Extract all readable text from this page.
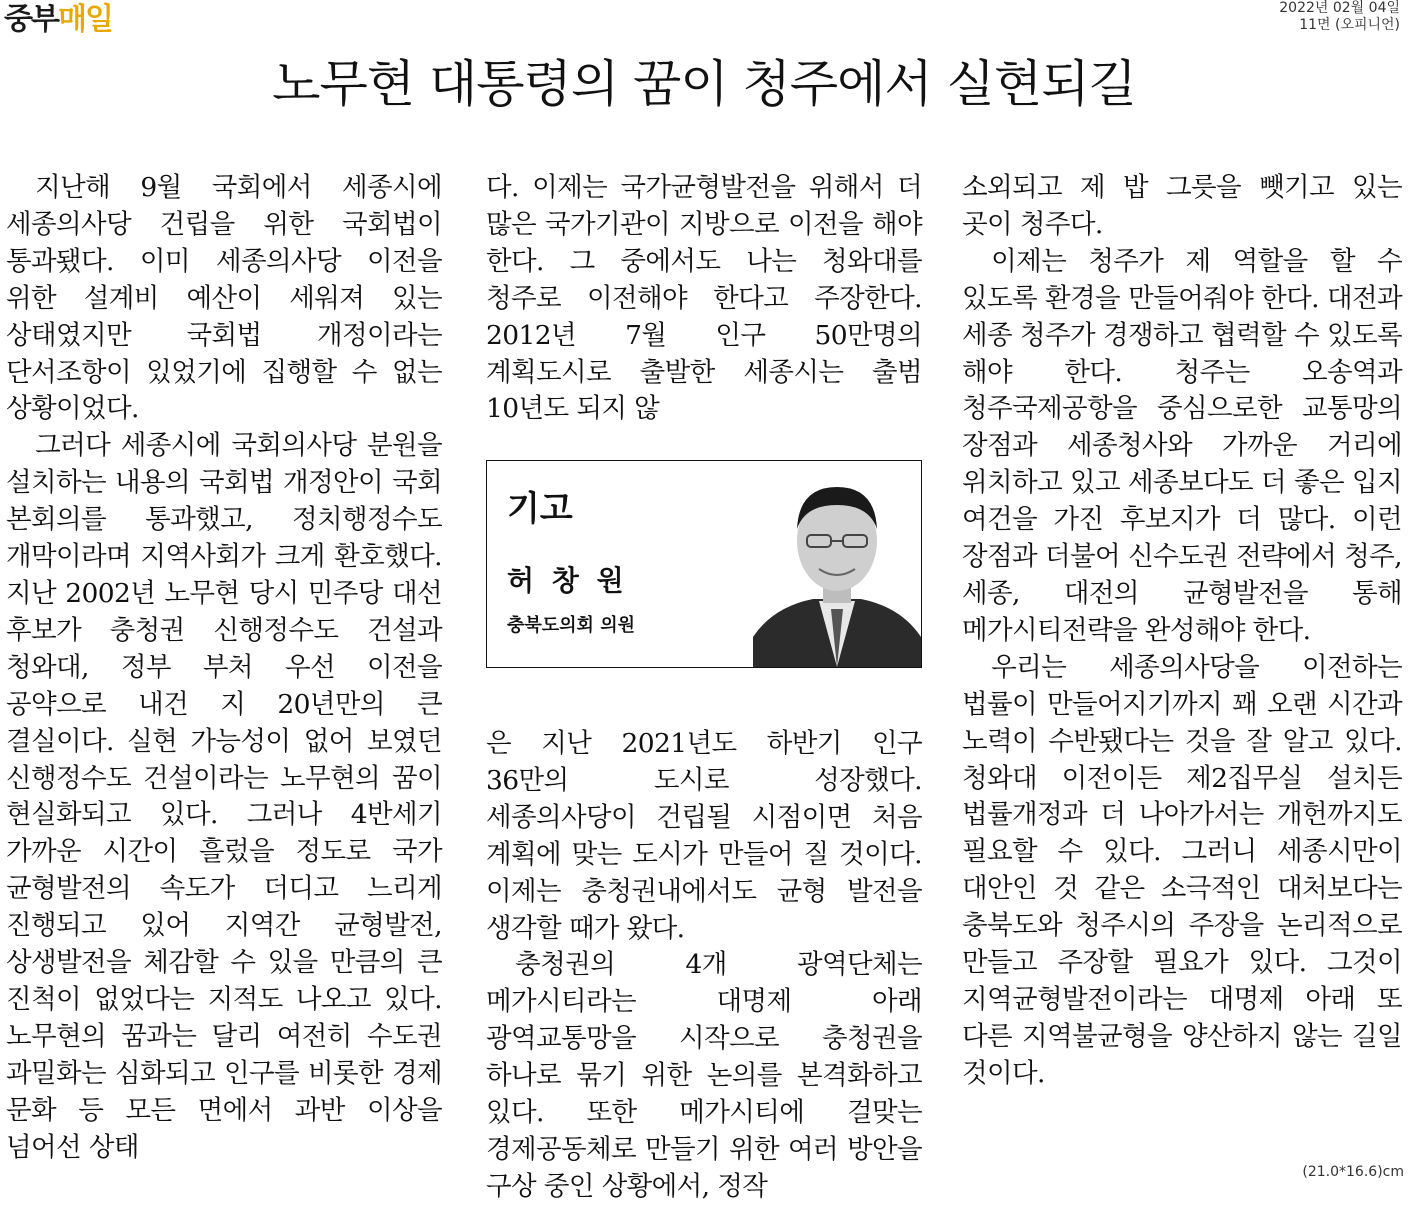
중부매일	2022년 02월 04일
11면 (오피니언)
노무현 대통령의 꿈이 청주에서 실현되길

지난해 9월 국회에서 세종시에 세종의사당 건립을 위한 국회법이 통과됐다. 이미 세종의사당 이전을 위한 설계비 예산이 세워져 있는 상태였지만 국회법 개정이라는 단서조항이 있었기에 집행할 수 없는 상황이었다.

그러다 세종시에 국회의사당 분원을 설치하는 내용의 국회법 개정안이 국회 본회의를 통과했고, 정치행정수도 개막이라며 지역사회가 크게 환호했다. 지난 2002년 노무현 당시 민주당 대선 후보가 충청권 신행정수도 건설과 청와대, 정부 부처 우선 이전을 공약으로 내건 지 20년만의 큰 결실이다. 실현 가능성이 없어 보였던 신행정수도 건설이라는 노무현의 꿈이 현실화되고 있다. 그러나 4반세기 가까운 시간이 흘렀을 정도로 국가 균형발전의 속도가 더디고 느리게 진행되고 있어 지역간 균형발전, 상생발전을 체감할 수 있을 만큼의 큰 진척이 없었다는 지적도 나오고 있다. 노무현의 꿈과는 달리 여전히 수도권 과밀화는 심화되고 인구를 비롯한 경제 문화 등 모든 면에서 과반 이상을 넘어선 상태

다. 이제는 국가균형발전을 위해서 더 많은 국가기관이 지방으로 이전을 해야 한다. 그 중에서도 나는 청와대를 청주로 이전해야 한다고 주장한다. 2012년 7월 인구 50만명의 계획도시로 출발한 세종시는 출범 10년도 되지 않

기고
허 창 원
충북도의회 의원

은 지난 2021년도 하반기 인구 36만의 도시로 성장했다. 세종의사당이 건립될 시점이면 처음 계획에 맞는 도시가 만들어 질 것이다. 이제는 충청권내에서도 균형 발전을 생각할 때가 왔다.

충청권의 4개 광역단체는 메가시티라는 대명제 아래 광역교통망을 시작으로 충청권을 하나로 묶기 위한 논의를 본격화하고 있다. 또한 메가시티에 걸맞는 경제공동체로 만들기 위한 여러 방안을 구상 중인 상황에서, 정작

소외되고 제 밥 그릇을 뺏기고 있는 곳이 청주다.

이제는 청주가 제 역할을 할 수 있도록 환경을 만들어줘야 한다. 대전과 세종 청주가 경쟁하고 협력할 수 있도록 해야 한다. 청주는 오송역과 청주국제공항을 중심으로한 교통망의 장점과 세종청사와 가까운 거리에 위치하고 있고 세종보다도 더 좋은 입지 여건을 가진 후보지가 더 많다. 이런 장점과 더불어 신수도권 전략에서 청주, 세종, 대전의 균형발전을 통해 메가시티전략을 완성해야 한다.

우리는 세종의사당을 이전하는 법률이 만들어지기까지 꽤 오랜 시간과 노력이 수반됐다는 것을 잘 알고 있다. 청와대 이전이든 제2집무실 설치든 법률개정과 더 나아가서는 개헌까지도 필요할 수 있다. 그러니 세종시만이 대안인 것 같은 소극적인 대처보다는 충북도와 청주시의 주장을 논리적으로 만들고 주장할 필요가 있다. 그것이 지역균형발전이라는 대명제 아래 또 다른 지역불균형을 양산하지 않는 길일 것이다.

(21.0*16.6)cm
